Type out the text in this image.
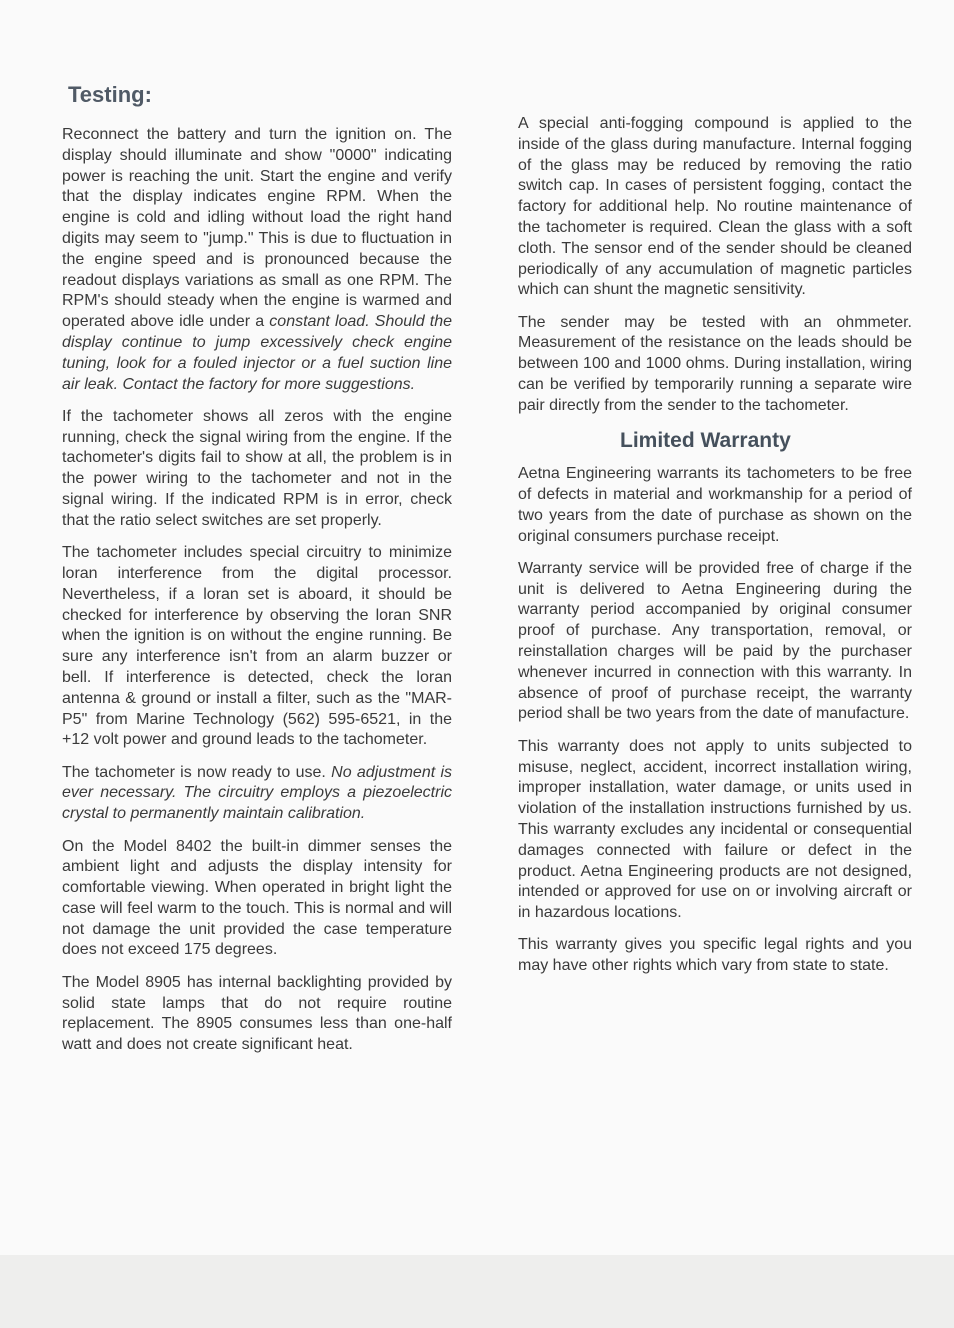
Testing:

Reconnect the battery and turn the ignition on. The display should illuminate and show "0000" indicating power is reaching the unit. Start the engine and verify that the display indicates engine RPM. When the engine is cold and idling without load the right hand digits may seem to "jump." This is due to fluctuation in the engine speed and is pronounced because the readout displays variations as small as one RPM. The RPM's should steady when the engine is warmed and operated above idle under a constant load. Should the display continue to jump excessively check engine tuning, look for a fouled injector or a fuel suction line air leak. Contact the factory for more suggestions.

If the tachometer shows all zeros with the engine running, check the signal wiring from the engine. If the tachometer's digits fail to show at all, the problem is in the power wiring to the tachometer and not in the signal wiring. If the indicated RPM is in error, check that the ratio select switches are set properly.

The tachometer includes special circuitry to minimize loran interference from the digital processor. Nevertheless, if a loran set is aboard, it should be checked for interference by observing the loran SNR when the ignition is on without the engine running. Be sure any interference isn't from an alarm buzzer or bell. If interference is detected, check the loran antenna & ground or install a filter, such as the "MAR-P5" from Marine Technology (562) 595-6521, in the +12 volt power and ground leads to the tachometer.

The tachometer is now ready to use. No adjustment is ever necessary. The circuitry employs a piezoelectric crystal to permanently maintain calibration.

On the Model 8402 the built-in dimmer senses the ambient light and adjusts the display intensity for comfortable viewing. When operated in bright light the case will feel warm to the touch. This is normal and will not damage the unit provided the case temperature does not exceed 175 degrees.

The Model 8905 has internal backlighting provided by solid state lamps that do not require routine replacement. The 8905 consumes less than one-half watt and does not create significant heat.

A special anti-fogging compound is applied to the inside of the glass during manufacture. Internal fogging of the glass may be reduced by removing the ratio switch cap. In cases of persistent fogging, contact the factory for additional help. No routine maintenance of the tachometer is required. Clean the glass with a soft cloth. The sensor end of the sender should be cleaned periodically of any accumulation of magnetic particles which can shunt the magnetic sensitivity.

The sender may be tested with an ohmmeter. Measurement of the resistance on the leads should be between 100 and 1000 ohms. During installation, wiring can be verified by temporarily running a separate wire pair directly from the sender to the tachometer.

Limited Warranty

Aetna Engineering warrants its tachometers to be free of defects in material and workmanship for a period of two years from the date of purchase as shown on the original consumers purchase receipt.

Warranty service will be provided free of charge if the unit is delivered to Aetna Engineering during the warranty period accompanied by original consumer proof of purchase. Any transportation, removal, or reinstallation charges will be paid by the purchaser whenever incurred in connection with this warranty. In absence of proof of purchase receipt, the warranty period shall be two years from the date of manufacture.

This warranty does not apply to units subjected to misuse, neglect, accident, incorrect installation wiring, improper installation, water damage, or units used in violation of the installation instructions furnished by us. This warranty excludes any incidental or consequential damages connected with failure or defect in the product. Aetna Engineering products are not designed, intended or approved for use on or involving aircraft or in hazardous locations.

This warranty gives you specific legal rights and you may have other rights which vary from state to state.
